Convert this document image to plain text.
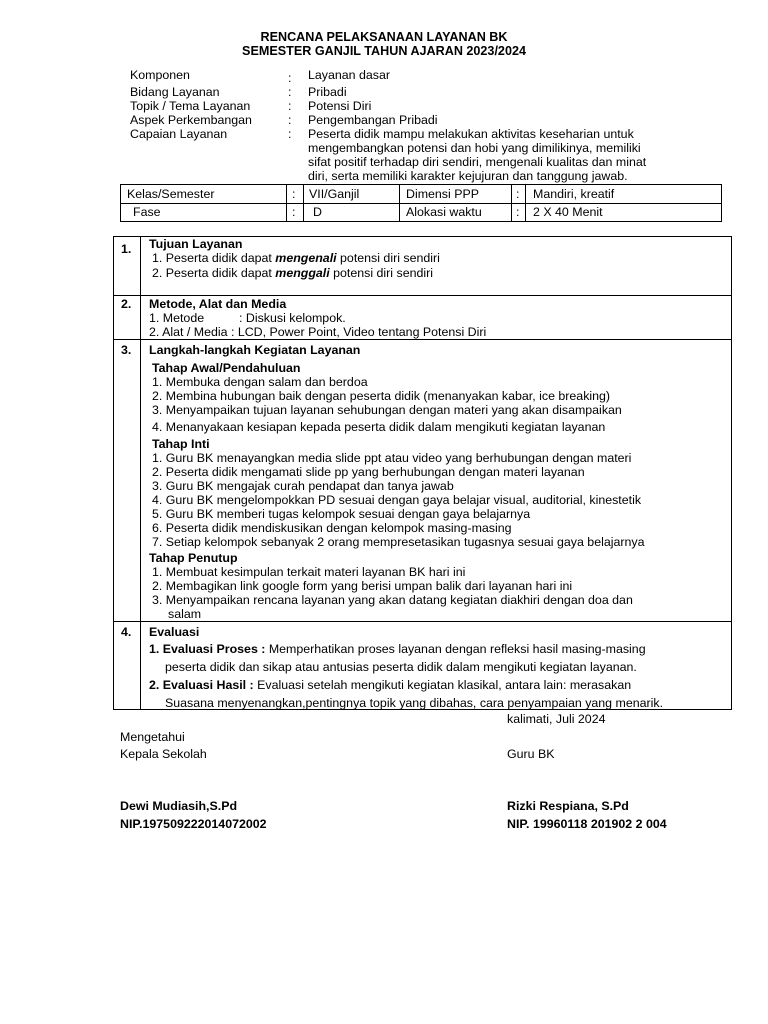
RENCANA PELAKSANAAN LAYANAN BK
SEMESTER GANJIL TAHUN AJARAN 2023/2024
Komponen	: Layanan dasar
Bidang Layanan	: Pribadi
Topik / Tema Layanan	: Potensi Diri
Aspek Perkembangan	: Pengembangan Pribadi
Capaian Layanan	: Peserta didik mampu melakukan aktivitas keseharian untuk
mengembangkan potensi dan hobi yang dimilikinya, memiliki
sifat positif terhadap diri sendiri, mengenali kualitas dan minat
diri, serta memiliki karakter kejujuran dan tanggung jawab.
Kelas/Semester	: VII/Ganjil	Dimensi PPP	: Mandiri, kreatif
Fase	: D	Alokasi waktu	: 2 X 40 Menit
1. Tujuan Layanan
1. Peserta didik dapat mengenali potensi diri sendiri
2. Peserta didik dapat menggali potensi diri sendiri
2. Metode, Alat dan Media
1. Metode	: Diskusi kelompok.
2. Alat / Media : LCD, Power Point, Video tentang Potensi Diri
3. Langkah-langkah Kegiatan Layanan
Tahap Awal/Pendahuluan
1. Membuka dengan salam dan berdoa
2. Membina hubungan baik dengan peserta didik (menanyakan kabar, ice breaking)
3. Menyampaikan tujuan layanan sehubungan dengan materi yang akan disampaikan
4. Menanyakaan kesiapan kepada peserta didik dalam mengikuti kegiatan layanan
Tahap Inti
1. Guru BK menayangkan media slide ppt atau video yang berhubungan dengan materi
2. Peserta didik mengamati slide pp yang berhubungan dengan materi layanan
3. Guru BK mengajak curah pendapat dan tanya jawab
4. Guru BK mengelompokkan PD sesuai dengan gaya belajar visual, auditorial, kinestetik
5. Guru BK memberi tugas kelompok sesuai dengan gaya belajarnya
6. Peserta didik mendiskusikan dengan kelompok masing-masing
7. Setiap kelompok sebanyak 2 orang mempresetasikan tugasnya sesuai gaya belajarnya
Tahap Penutup
1. Membuat kesimpulan terkait materi layanan BK hari ini
2. Membagikan link google form yang berisi umpan balik dari layanan hari ini
3. Menyampaikan rencana layanan yang akan datang kegiatan diakhiri dengan doa dan
salam
4. Evaluasi
1. Evaluasi Proses : Memperhatikan proses layanan dengan refleksi hasil masing-masing
peserta didik dan sikap atau antusias peserta didik dalam mengikuti kegiatan layanan.
2. Evaluasi Hasil : Evaluasi setelah mengikuti kegiatan klasikal, antara lain: merasakan
Suasana menyenangkan,pentingnya topik yang dibahas, cara penyampaian yang menarik.
kalimati, Juli 2024
Mengetahui
Kepala Sekolah	Guru BK
Dewi Mudiasih,S.Pd
NIP.197509222014072002
Rizki Respiana, S.Pd
NIP. 19960118 201902 2 004
